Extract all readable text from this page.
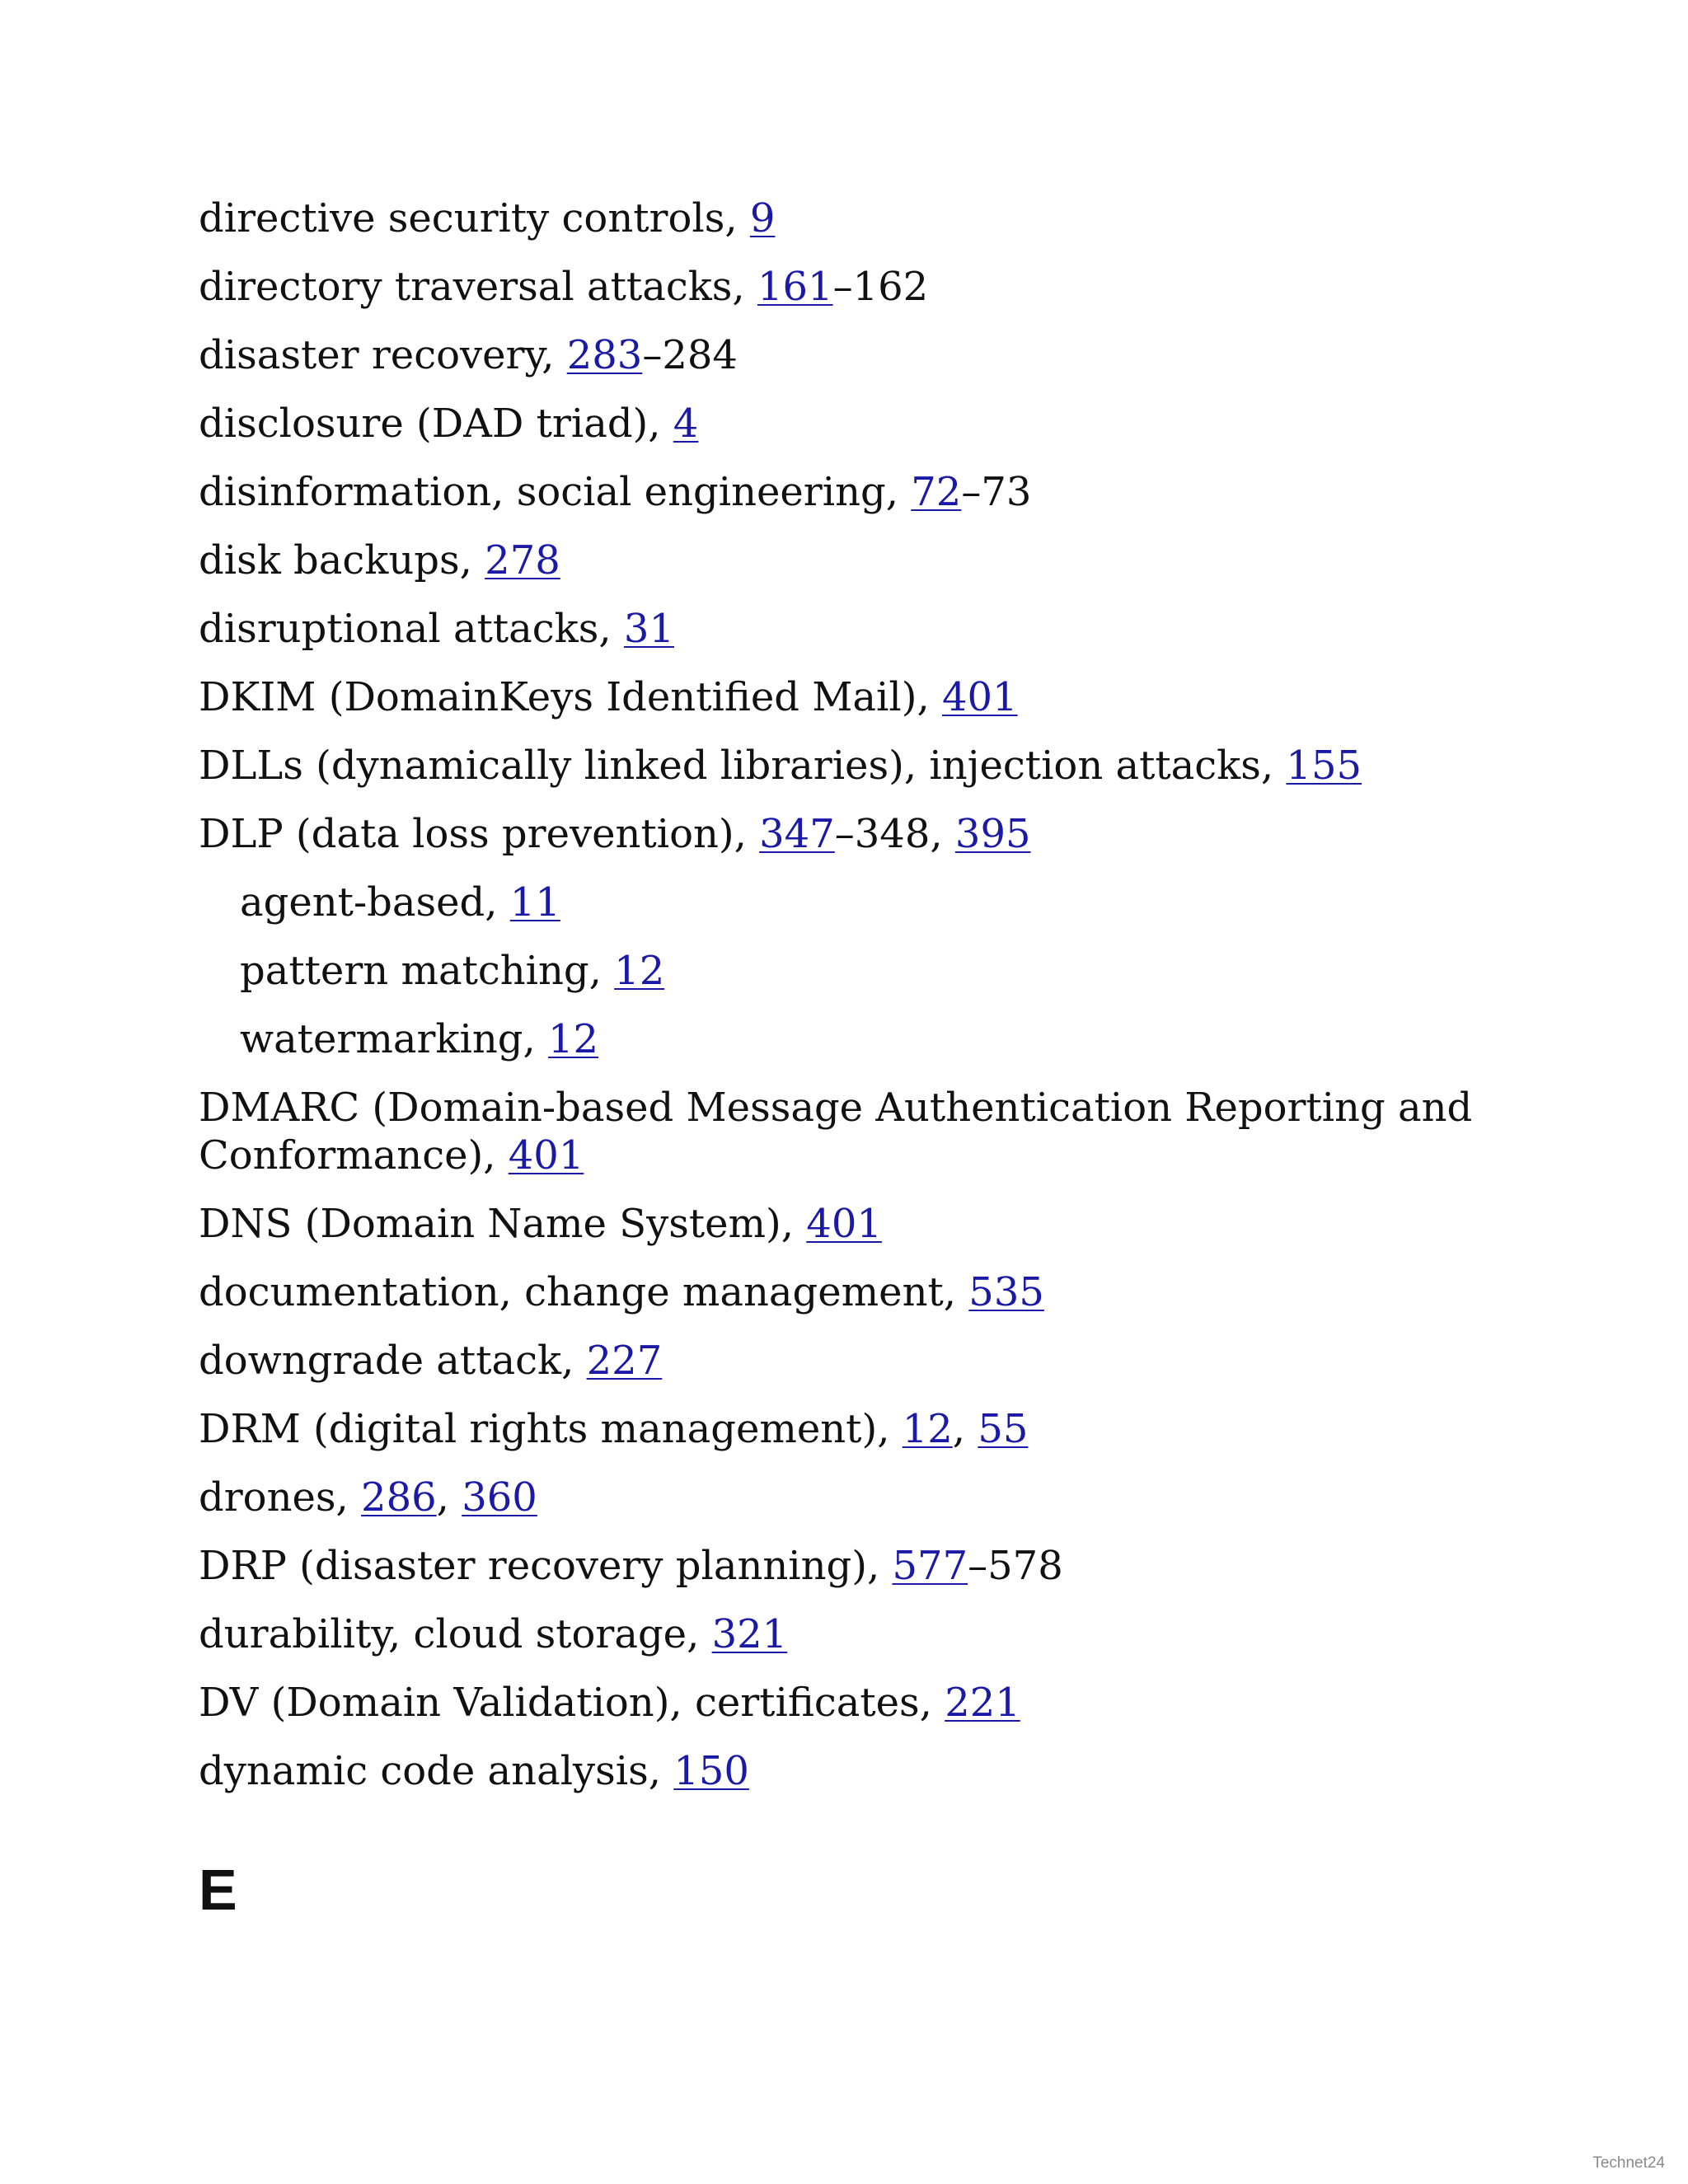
directive security controls, 9
directory traversal attacks, 161–162
disaster recovery, 283–284
disclosure (DAD triad), 4
disinformation, social engineering, 72–73
disk backups, 278
disruptional attacks, 31
DKIM (DomainKeys Identified Mail), 401
DLLs (dynamically linked libraries), injection attacks, 155
DLP (data loss prevention), 347–348, 395
agent-based, 11
pattern matching, 12
watermarking, 12
DMARC (Domain-based Message Authentication Reporting and Conformance), 401
DNS (Domain Name System), 401
documentation, change management, 535
downgrade attack, 227
DRM (digital rights management), 12, 55
drones, 286, 360
DRP (disaster recovery planning), 577–578
durability, cloud storage, 321
DV (Domain Validation), certificates, 221
dynamic code analysis, 150
E
Technet24
